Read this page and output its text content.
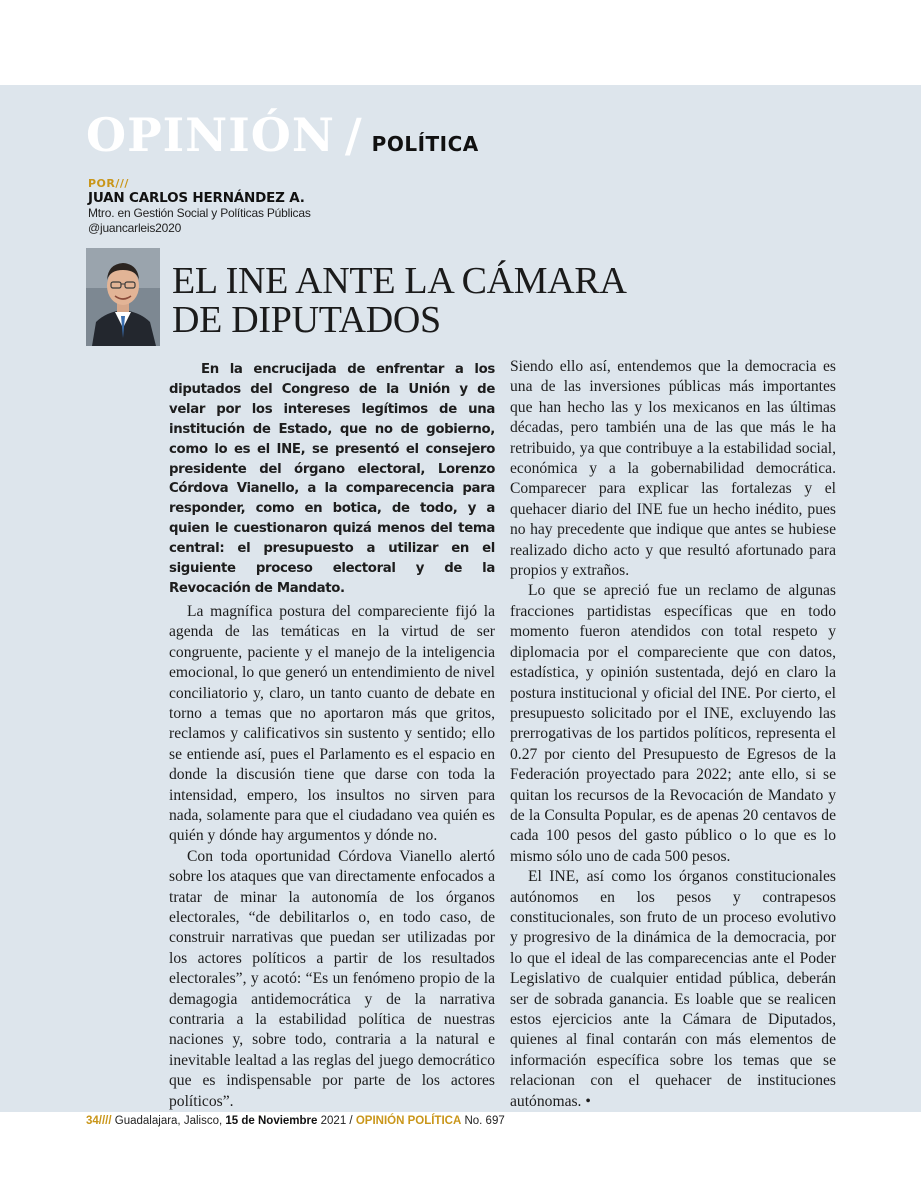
OPINIÓN / POLÍTICA
POR///
JUAN CARLOS HERNÁNDEZ A.
Mtro. en Gestión Social y Políticas Públicas
@juancarleis2020
EL INE ANTE LA CÁMARA
DE DIPUTADOS

En la encrucijada de enfrentar a los diputados del Congreso de la Unión y de velar por los intereses legítimos de una institución de Estado, que no de gobierno, como lo es el INE, se presentó el consejero presidente del órgano electoral, Lorenzo Córdova Vianello, a la comparecencia para responder, como en botica, de todo, y a quien le cuestionaron quizá menos del tema central: el presupuesto a utilizar en el siguiente proceso electoral y de la Revocación de Mandato.

La magnífica postura del compareciente fijó la agenda de las temáticas en la virtud de ser congruente, paciente y el manejo de la inteligencia emocional, lo que generó un entendimiento de nivel conciliatorio y, claro, un tanto cuanto de debate en torno a temas que no aportaron más que gritos, reclamos y calificativos sin sustento y sentido; ello se entiende así, pues el Parlamento es el espacio en donde la discusión tiene que darse con toda la intensidad, empero, los insultos no sirven para nada, solamente para que el ciudadano vea quién es quién y dónde hay argumentos y dónde no.

Con toda oportunidad Córdova Vianello alertó sobre los ataques que van directamente enfocados a tratar de minar la autonomía de los órganos electorales, “de debilitarlos o, en todo caso, de construir narrativas que puedan ser utilizadas por los actores políticos a partir de los resultados electorales”, y acotó: “Es un fenómeno propio de la demagogia antidemocrática y de la narrativa contraria a la estabilidad política de nuestras naciones y, sobre todo, contraria a la natural e inevitable lealtad a las reglas del juego democrático que es indispensable por parte de los actores políticos”.

Siendo ello así, entendemos que la democracia es una de las inversiones públicas más importantes que han hecho las y los mexicanos en las últimas décadas, pero también una de las que más le ha retribuido, ya que contribuye a la estabilidad social, económica y a la gobernabilidad democrática. Comparecer para explicar las fortalezas y el quehacer diario del INE fue un hecho inédito, pues no hay precedente que indique que antes se hubiese realizado dicho acto y que resultó afortunado para propios y extraños.

Lo que se apreció fue un reclamo de algunas fracciones partidistas específicas que en todo momento fueron atendidos con total respeto y diplomacia por el compareciente que con datos, estadística, y opinión sustentada, dejó en claro la postura institucional y oficial del INE. Por cierto, el presupuesto solicitado por el INE, excluyendo las prerrogativas de los partidos políticos, representa el 0.27 por ciento del Presupuesto de Egresos de la Federación proyectado para 2022; ante ello, si se quitan los recursos de la Revocación de Mandato y de la Consulta Popular, es de apenas 20 centavos de cada 100 pesos del gasto público o lo que es lo mismo sólo uno de cada 500 pesos.

El INE, así como los órganos constitucionales autónomos en los pesos y contrapesos constitucionales, son fruto de un proceso evolutivo y progresivo de la dinámica de la democracia, por lo que el ideal de las comparecencias ante el Poder Legislativo de cualquier entidad pública, deberán ser de sobrada ganancia. Es loable que se realicen estos ejercicios ante la Cámara de Diputados, quienes al final contarán con más elementos de información específica sobre los temas que se relacionan con el quehacer de instituciones autónomas. •

34//// Guadalajara, Jalisco, 15 de Noviembre 2021 / OPINIÓN POLÍTICA No. 697
